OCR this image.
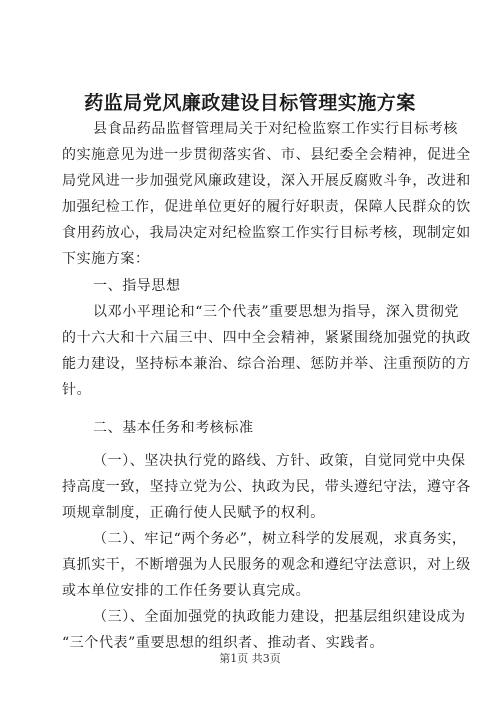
药监局党风廉政建设目标管理实施方案
县食品药品监督管理局关于对纪检监察工作实行目标考核
的实施意见为进一步贯彻落实省、市、县纪委全会精神，促进全
局党风进一步加强党风廉政建设，深入开展反腐败斗争，改进和
加强纪检工作，促进单位更好的履行好职责，保障人民群众的饮
食用药放心，我局决定对纪检监察工作实行目标考核，现制定如
下实施方案：
一、指导思想
以邓小平理论和“三个代表”重要思想为指导，深入贯彻党
的十六大和十六届三中、四中全会精神，紧紧围绕加强党的执政
能力建设，坚持标本兼治、综合治理、惩防并举、注重预防的方
针。
二、基本任务和考核标准
（一）、坚决执行党的路线、方针、政策，自觉同党中央保
持高度一致，坚持立党为公、执政为民，带头遵纪守法，遵守各
项规章制度，正确行使人民赋予的权利。
（二）、牢记“两个务必”，树立科学的发展观，求真务实，
真抓实干，不断增强为人民服务的观念和遵纪守法意识，对上级
或本单位安排的工作任务要认真完成。
（三）、全面加强党的执政能力建设，把基层组织建设成为
“三个代表”重要思想的组织者、推动者、实践者。
第1页 共3页
